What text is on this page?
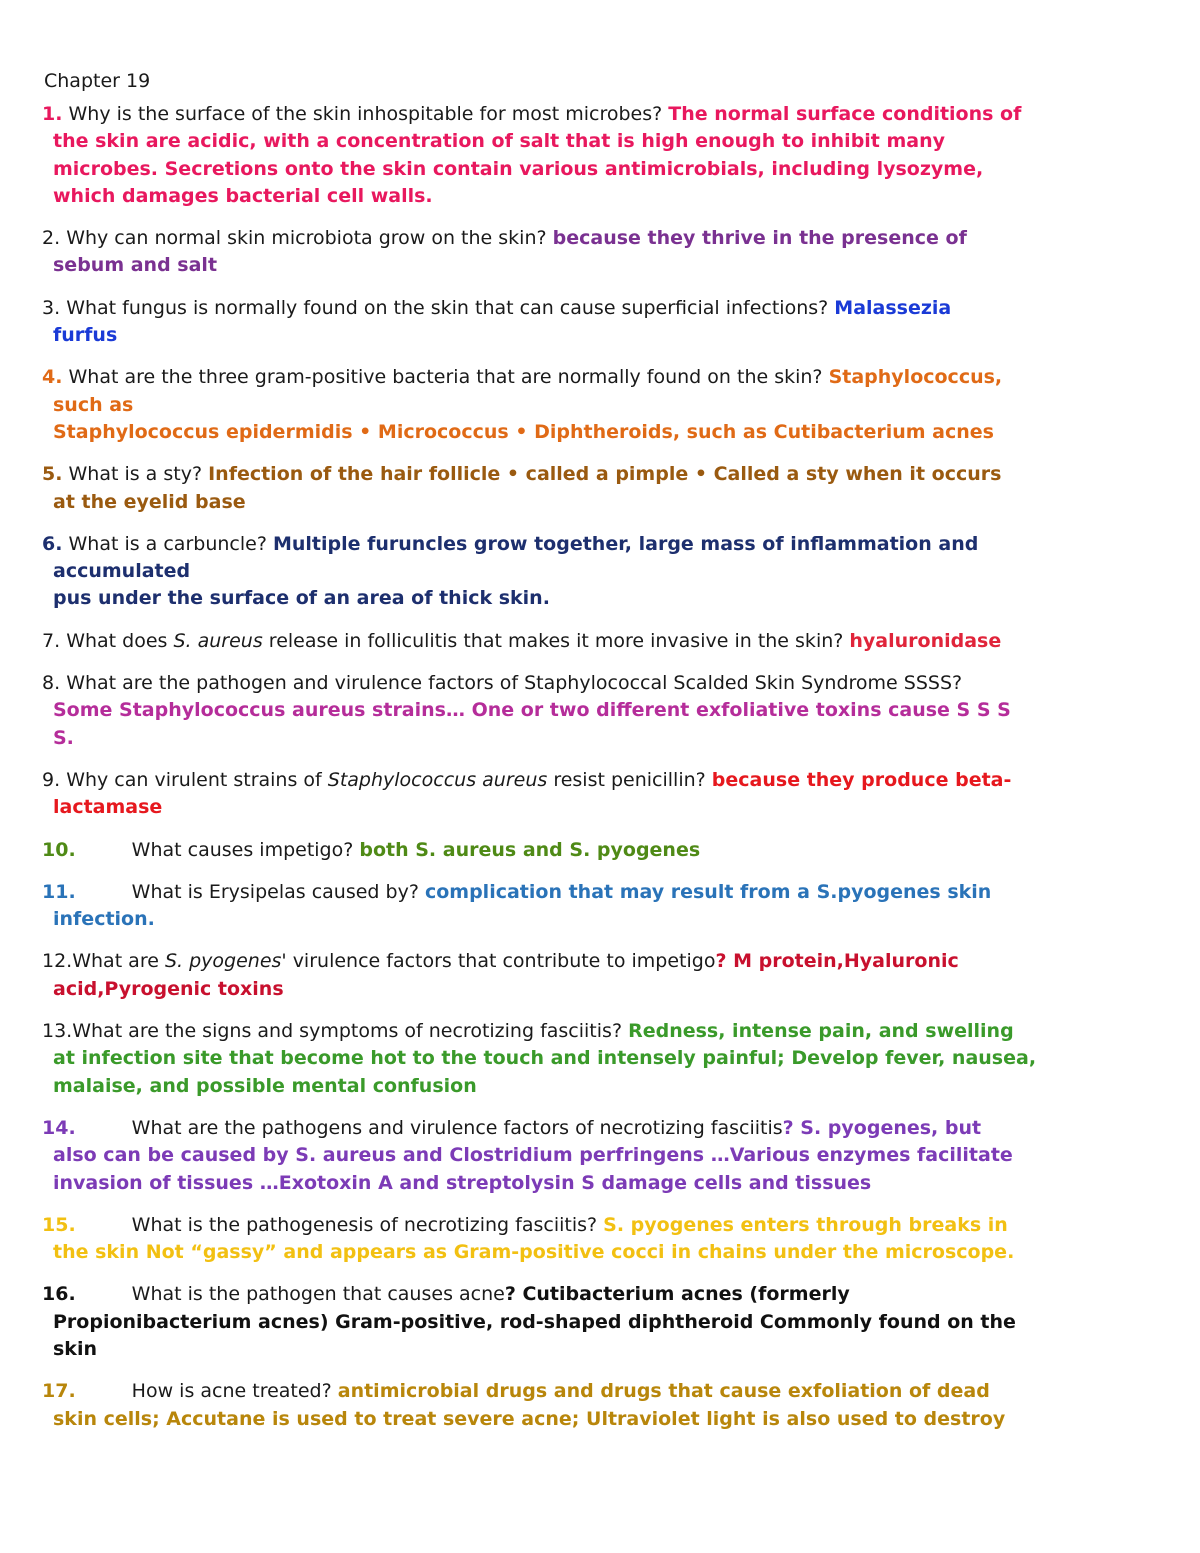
Chapter 19
1. Why is the surface of the skin inhospitable for most microbes? The normal surface conditions of
the skin are acidic, with a concentration of salt that is high enough to inhibit many
microbes. Secretions onto the skin contain various antimicrobials, including lysozyme,
which damages bacterial cell walls.
2. Why can normal skin microbiota grow on the skin? because they thrive in the presence of
sebum and salt
3. What fungus is normally found on the skin that can cause superficial infections? Malassezia
furfus
4. What are the three gram-positive bacteria that are normally found on the skin? Staphylococcus,
such as
Staphylococcus epidermidis • Micrococcus • Diphtheroids, such as Cutibacterium acnes
5. What is a sty? Infection of the hair follicle • called a pimple • Called a sty when it occurs
at the eyelid base
6. What is a carbuncle? Multiple furuncles grow together, large mass of inflammation and
accumulated
pus under the surface of an area of thick skin.
7. What does S. aureus release in folliculitis that makes it more invasive in the skin? hyaluronidase
8. What are the pathogen and virulence factors of Staphylococcal Scalded Skin Syndrome SSSS?
Some Staphylococcus aureus strains… One or two different exfoliative toxins cause S S S
S.
9. Why can virulent strains of Staphylococcus aureus resist penicillin? because they produce beta-
lactamase
10.	What causes impetigo? both S. aureus and S. pyogenes
11.	What is Erysipelas caused by? complication that may result from a S.pyogenes skin
infection.
12.What are S. pyogenes' virulence factors that contribute to impetigo? M protein,Hyaluronic
acid,Pyrogenic toxins
13.What are the signs and symptoms of necrotizing fasciitis? Redness, intense pain, and swelling
at infection site that become hot to the touch and intensely painful; Develop fever, nausea,
malaise, and possible mental confusion
14.	What are the pathogens and virulence factors of necrotizing fasciitis? S. pyogenes, but
also can be caused by S. aureus and Clostridium perfringens …Various enzymes facilitate
invasion of tissues …Exotoxin A and streptolysin S damage cells and tissues
15.	What is the pathogenesis of necrotizing fasciitis? S. pyogenes enters through breaks in
the skin Not “gassy” and appears as Gram-positive cocci in chains under the microscope.
16.	What is the pathogen that causes acne? Cutibacterium acnes (formerly
Propionibacterium acnes) Gram-positive, rod-shaped diphtheroid Commonly found on the
skin
17.	How is acne treated? antimicrobial drugs and drugs that cause exfoliation of dead
skin cells; Accutane is used to treat severe acne; Ultraviolet light is also used to destroy
